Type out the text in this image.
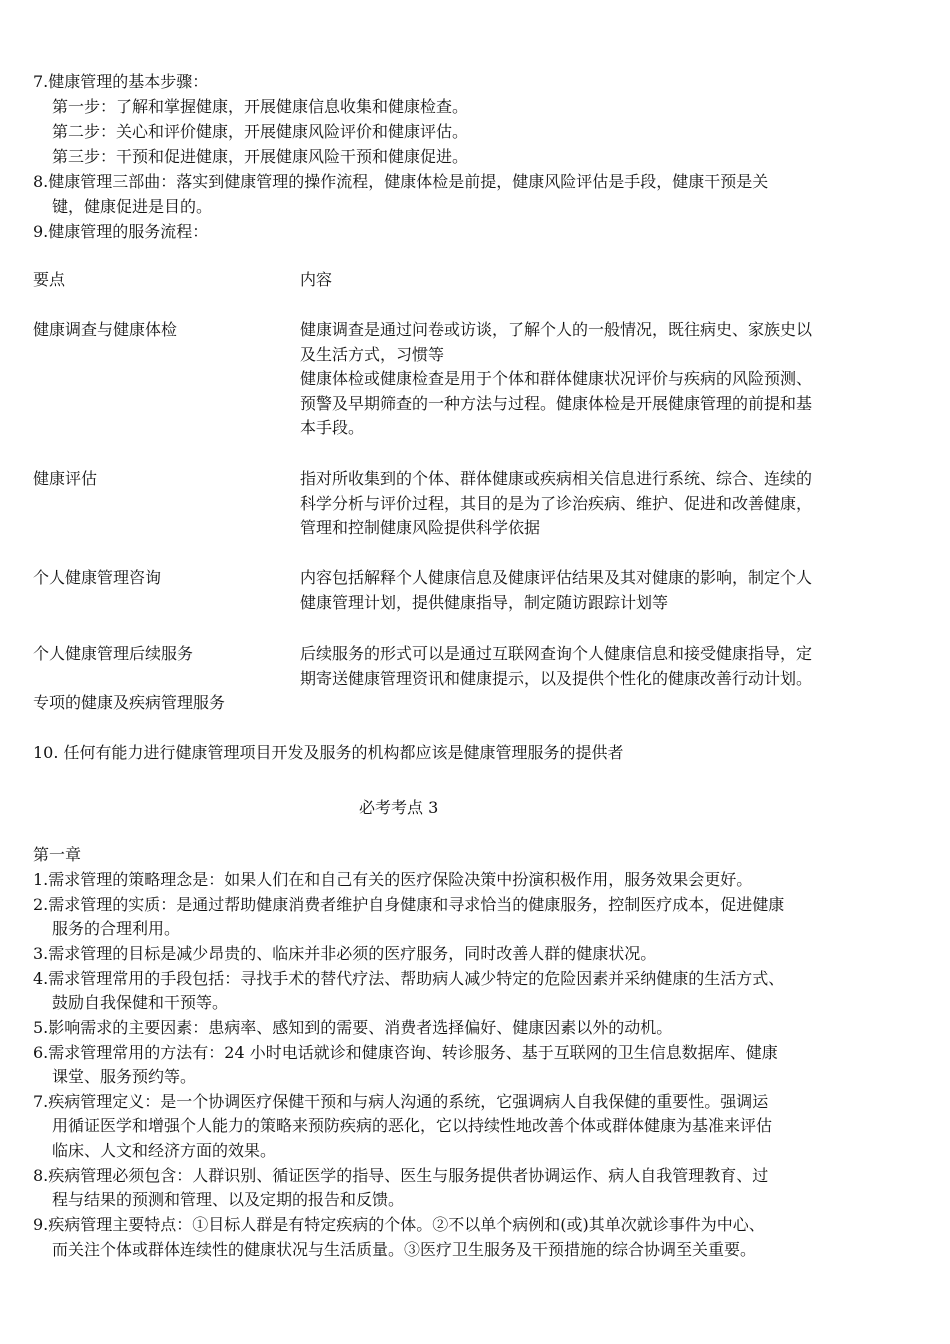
7.健康管理的基本步骤：
第一步：了解和掌握健康，开展健康信息收集和健康检查。
第二步：关心和评价健康，开展健康风险评价和健康评估。
第三步：干预和促进健康，开展健康风险干预和健康促进。
8.健康管理三部曲：落实到健康管理的操作流程，健康体检是前提，健康风险评估是手段，健康干预是关
键，健康促进是目的。
9.健康管理的服务流程：
要点	内容
健康调查与健康体检	健康调查是通过问卷或访谈，了解个人的一般情况，既往病史、家族史以
及生活方式，习惯等
健康体检或健康检查是用于个体和群体健康状况评价与疾病的风险预测、
预警及早期筛查的一种方法与过程。健康体检是开展健康管理的前提和基
本手段。
健康评估	指对所收集到的个体、群体健康或疾病相关信息进行系统、综合、连续的
科学分析与评价过程，其目的是为了诊治疾病、维护、促进和改善健康，
管理和控制健康风险提供科学依据
个人健康管理咨询	内容包括解释个人健康信息及健康评估结果及其对健康的影响，制定个人
健康管理计划，提供健康指导，制定随访跟踪计划等
个人健康管理后续服务	后续服务的形式可以是通过互联网查询个人健康信息和接受健康指导，定
期寄送健康管理资讯和健康提示，以及提供个性化的健康改善行动计划。
专项的健康及疾病管理服务
10. 任何有能力进行健康管理项目开发及服务的机构都应该是健康管理服务的提供者
必考考点 3
第一章
1.需求管理的策略理念是：如果人们在和自己有关的医疗保险决策中扮演积极作用，服务效果会更好。
2.需求管理的实质：是通过帮助健康消费者维护自身健康和寻求恰当的健康服务，控制医疗成本，促进健康
服务的合理利用。
3.需求管理的目标是减少昂贵的、临床并非必须的医疗服务，同时改善人群的健康状况。
4.需求管理常用的手段包括：寻找手术的替代疗法、帮助病人减少特定的危险因素并采纳健康的生活方式、
鼓励自我保健和干预等。
5.影响需求的主要因素：患病率、感知到的需要、消费者选择偏好、健康因素以外的动机。
6.需求管理常用的方法有：24 小时电话就诊和健康咨询、转诊服务、基于互联网的卫生信息数据库、健康
课堂、服务预约等。
7.疾病管理定义：是一个协调医疗保健干预和与病人沟通的系统，它强调病人自我保健的重要性。强调运
用循证医学和增强个人能力的策略来预防疾病的恶化，它以持续性地改善个体或群体健康为基准来评估
临床、人文和经济方面的效果。
8.疾病管理必须包含：人群识别、循证医学的指导、医生与服务提供者协调运作、病人自我管理教育、过
程与结果的预测和管理、以及定期的报告和反馈。
9.疾病管理主要特点：①目标人群是有特定疾病的个体。②不以单个病例和(或)其单次就诊事件为中心、
而关注个体或群体连续性的健康状况与生活质量。③医疗卫生服务及干预措施的综合协调至关重要。
